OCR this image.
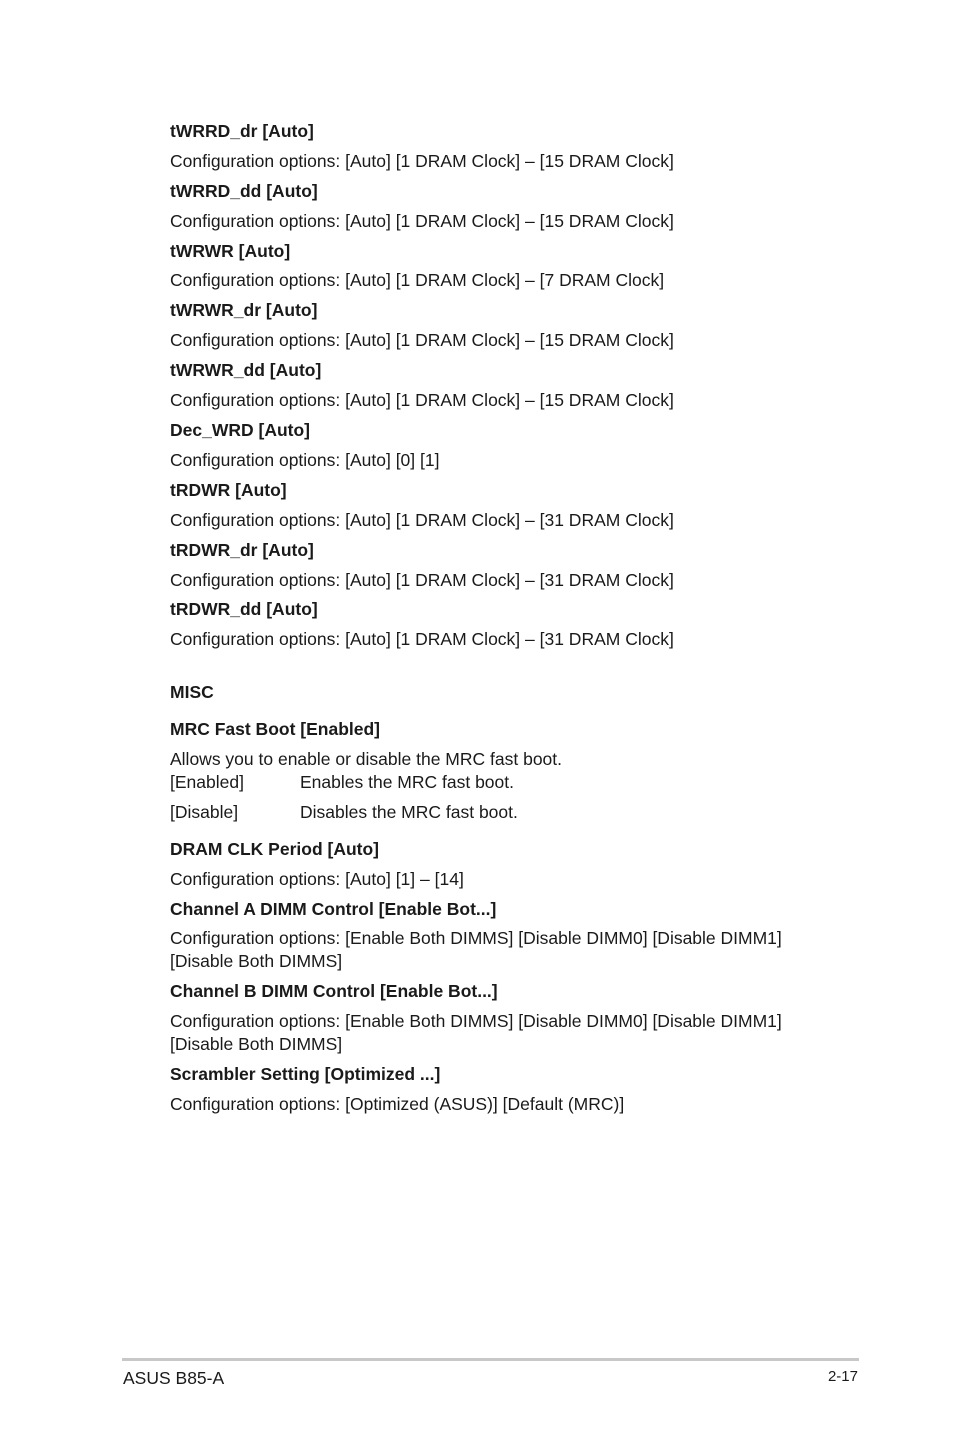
tWRRD_dr [Auto]
Configuration options: [Auto] [1 DRAM Clock] – [15 DRAM Clock]
tWRRD_dd [Auto]
Configuration options: [Auto] [1 DRAM Clock] – [15 DRAM Clock]
tWRWR [Auto]
Configuration options: [Auto] [1 DRAM Clock] – [7 DRAM Clock]
tWRWR_dr [Auto]
Configuration options: [Auto] [1 DRAM Clock] – [15 DRAM Clock]
tWRWR_dd [Auto]
Configuration options: [Auto] [1 DRAM Clock] – [15 DRAM Clock]
Dec_WRD [Auto]
Configuration options: [Auto] [0] [1]
tRDWR [Auto]
Configuration options: [Auto] [1 DRAM Clock] – [31 DRAM Clock]
tRDWR_dr [Auto]
Configuration options: [Auto] [1 DRAM Clock] – [31 DRAM Clock]
tRDWR_dd [Auto]
Configuration options: [Auto] [1 DRAM Clock] – [31 DRAM Clock]
MISC
MRC Fast Boot [Enabled]
Allows you to enable or disable the MRC fast boot.
[Enabled]	Enables the MRC fast boot.
[Disable]	Disables the MRC fast boot.
DRAM CLK Period [Auto]
Configuration options: [Auto] [1] – [14]
Channel A DIMM Control [Enable Bot...]
Configuration options: [Enable Both DIMMS] [Disable DIMM0] [Disable DIMM1] [Disable Both DIMMS]
Channel B DIMM Control [Enable Bot...]
Configuration options: [Enable Both DIMMS] [Disable DIMM0] [Disable DIMM1] [Disable Both DIMMS]
Scrambler Setting [Optimized ...]
Configuration options: [Optimized (ASUS)] [Default (MRC)]
ASUS B85-A	2-17
